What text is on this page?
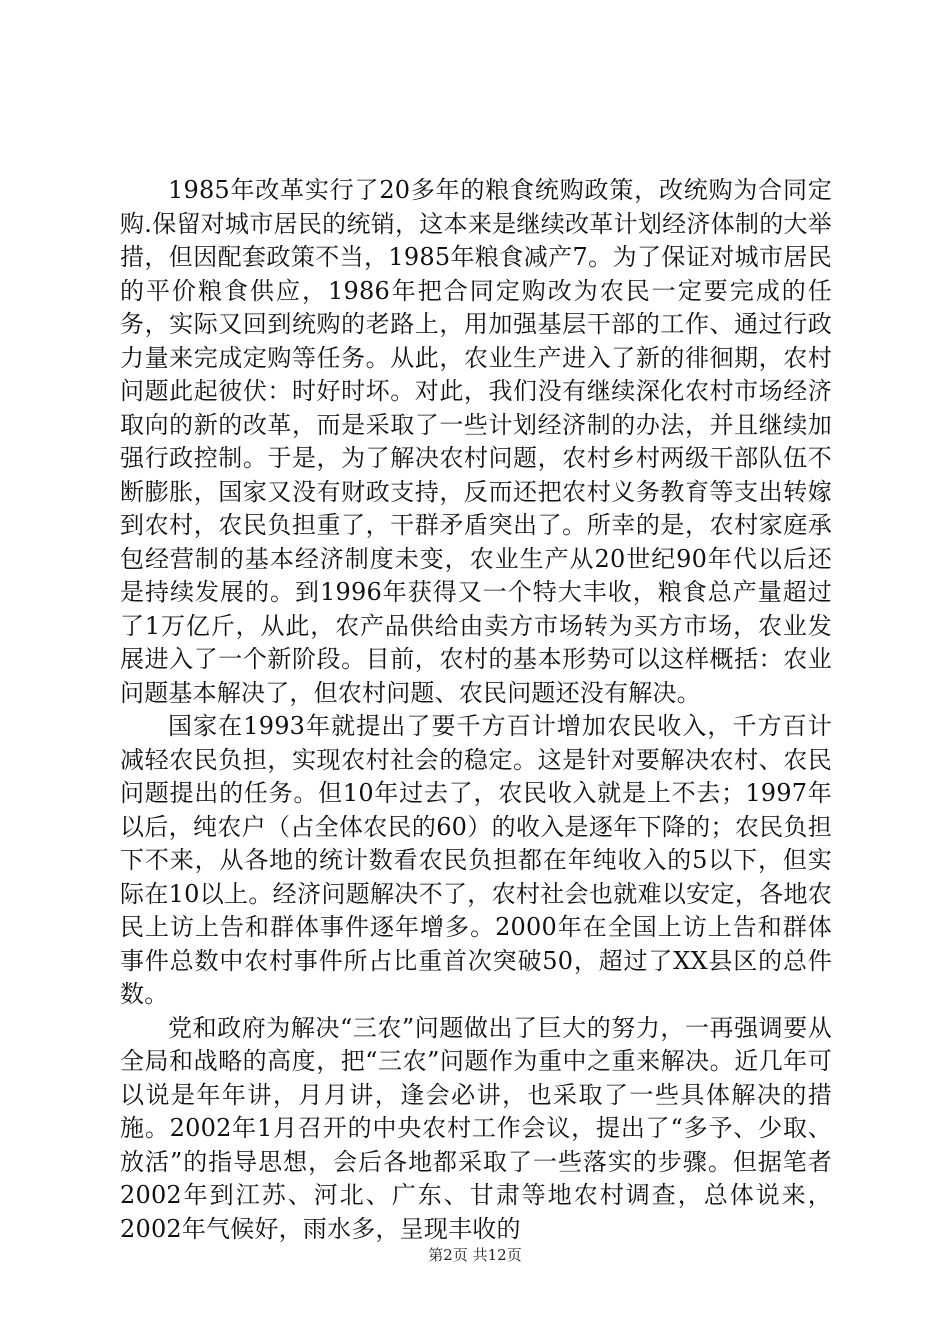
1985年改革实行了20多年的粮食统购政策，改统购为合同定购.保留对城市居民的统销，这本来是继续改革计划经济体制的大举措，但因配套政策不当，1985年粮食减产7。为了保证对城市居民的平价粮食供应，1986年把合同定购改为农民一定要完成的任务，实际又回到统购的老路上，用加强基层干部的工作、通过行政力量来完成定购等任务。从此，农业生产进入了新的徘徊期，农村问题此起彼伏：时好时坏。对此，我们没有继续深化农村市场经济取向的新的改革，而是采取了一些计划经济制的办法，并且继续加强行政控制。于是，为了解决农村问题，农村乡村两级干部队伍不断膨胀，国家又没有财政支持，反而还把农村义务教育等支出转嫁到农村，农民负担重了，干群矛盾突出了。所幸的是，农村家庭承包经营制的基本经济制度未变，农业生产从20世纪90年代以后还是持续发展的。到1996年获得又一个特大丰收，粮食总产量超过了1万亿斤，从此，农产品供给由卖方市场转为买方市场，农业发展进入了一个新阶段。目前，农村的基本形势可以这样概括：农业问题基本解决了，但农村问题、农民问题还没有解决。

国家在1993年就提出了要千方百计增加农民收入，千方百计减轻农民负担，实现农村社会的稳定。这是针对要解决农村、农民问题提出的任务。但10年过去了，农民收入就是上不去；1997年以后，纯农户（占全体农民的60）的收入是逐年下降的；农民负担下不来，从各地的统计数看农民负担都在年纯收入的5以下，但实际在10以上。经济问题解决不了，农村社会也就难以安定，各地农民上访上告和群体事件逐年增多。2000年在全国上访上告和群体事件总数中农村事件所占比重首次突破50，超过了XX县区的总件数。

党和政府为解决“三农”问题做出了巨大的努力，一再强调要从全局和战略的高度，把“三农”问题作为重中之重来解决。近几年可以说是年年讲，月月讲，逢会必讲，也采取了一些具体解决的措施。2002年1月召开的中央农村工作会议，提出了“多予、少取、放活”的指导思想，会后各地都采取了一些落实的步骤。但据笔者2002年到江苏、河北、广东、甘肃等地农村调查，总体说来，2002年气候好，雨水多，呈现丰收的

第2页 共12页
